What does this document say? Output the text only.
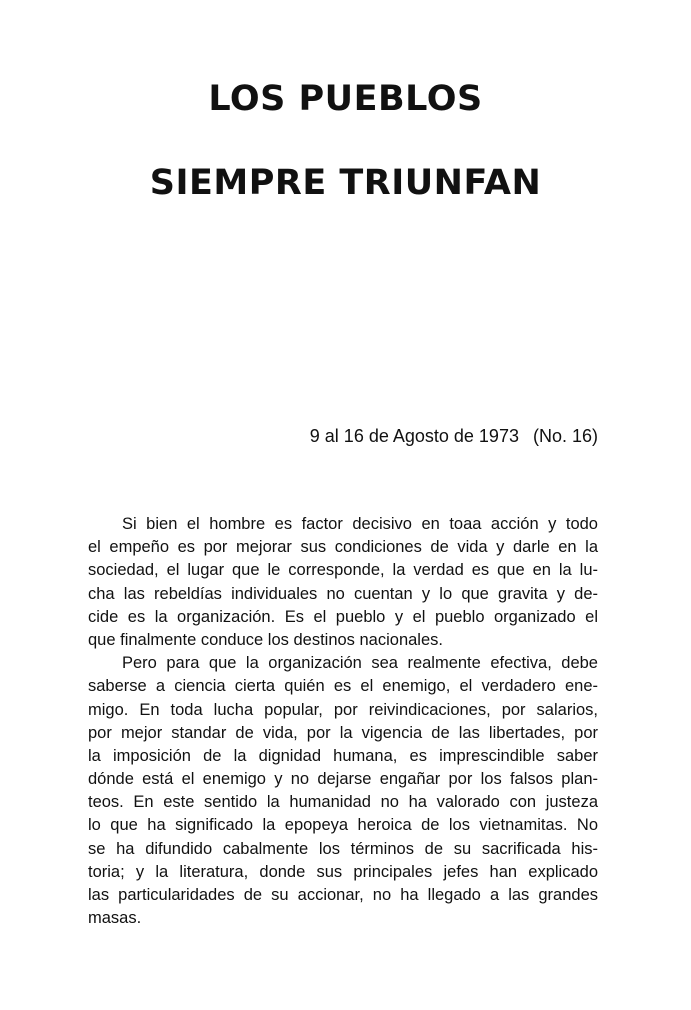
LOS PUEBLOS
SIEMPRE TRIUNFAN
9 al 16 de Agosto de 1973 (No. 16)
Si bien el hombre es factor decisivo en toaa acción y todo
el empeño es por mejorar sus condiciones de vida y darle en la
sociedad, el lugar que le corresponde, la verdad es que en la lu-
cha las rebeldías individuales no cuentan y lo que gravita y de-
cide es la organización. Es el pueblo y el pueblo organizado el
que finalmente conduce los destinos nacionales.
Pero para que la organización sea realmente efectiva, debe
saberse a ciencia cierta quién es el enemigo, el verdadero ene-
migo. En toda lucha popular, por reivindicaciones, por salarios,
por mejor standar de vida, por la vigencia de las libertades, por
la imposición de la dignidad humana, es imprescindible saber
dónde está el enemigo y no dejarse engañar por los falsos plan-
teos. En este sentido la humanidad no ha valorado con justeza
lo que ha significado la epopeya heroica de los vietnamitas. No
se ha difundido cabalmente los términos de su sacrificada his-
toria; y la literatura, donde sus principales jefes han explicado
las particularidades de su accionar, no ha llegado a las grandes
masas.
